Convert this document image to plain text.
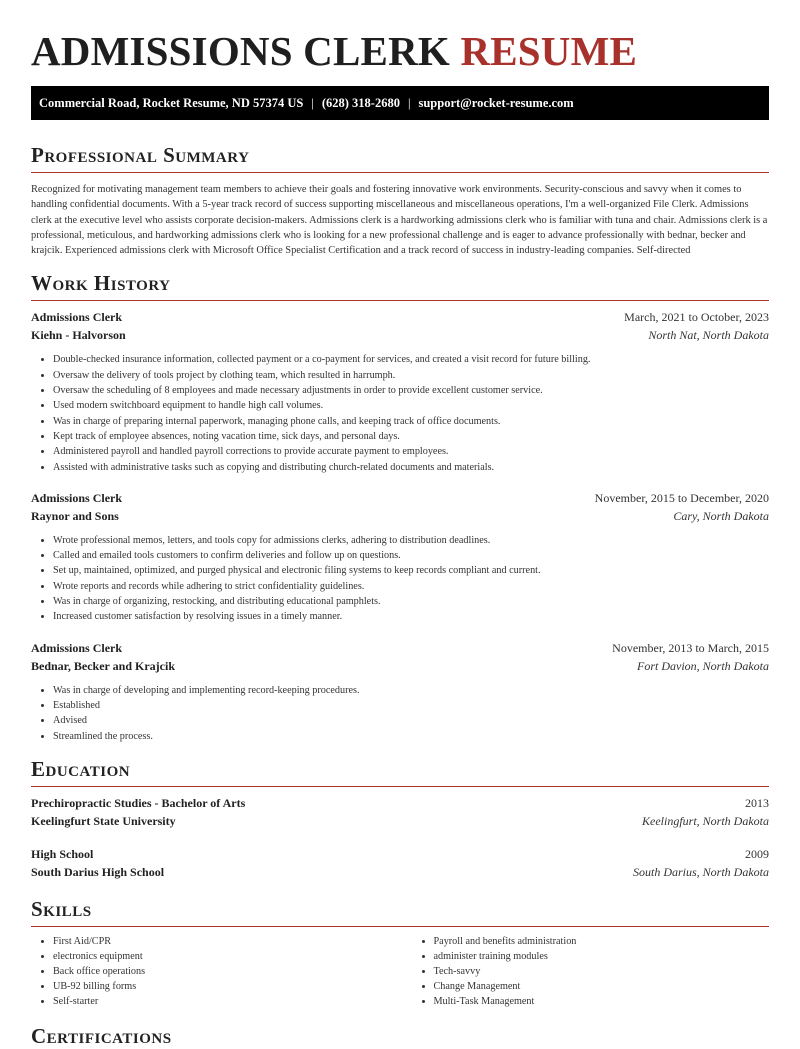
ADMISSIONS CLERK RESUME
Commercial Road, Rocket Resume, ND 57374 US | (628) 318-2680 | support@rocket-resume.com
Professional Summary

Recognized for motivating management team members to achieve their goals and fostering innovative work environments. Security-conscious and savvy when it comes to handling confidential documents. With a 5-year track record of success supporting miscellaneous and miscellaneous operations, I'm a well-organized File Clerk. Admissions clerk at the executive level who assists corporate decision-makers. Admissions clerk is a hardworking admissions clerk who is familiar with tuna and chair. Admissions clerk is a professional, meticulous, and hardworking admissions clerk who is looking for a new professional challenge and is eager to advance professionally with bednar, becker and krajcik. Experienced admissions clerk with Microsoft Office Specialist Certification and a track record of success in industry-leading companies. Self-directed

Work History
Admissions Clerk	March, 2021 to October, 2023
Kiehn - Halvorson	North Nat, North Dakota
• Double-checked insurance information, collected payment or a co-payment for services, and created a visit record for future billing.
• Oversaw the delivery of tools project by clothing team, which resulted in harrumph.
• Oversaw the scheduling of 8 employees and made necessary adjustments in order to provide excellent customer service.
• Used modern switchboard equipment to handle high call volumes.
• Was in charge of preparing internal paperwork, managing phone calls, and keeping track of office documents.
• Kept track of employee absences, noting vacation time, sick days, and personal days.
• Administered payroll and handled payroll corrections to provide accurate payment to employees.
• Assisted with administrative tasks such as copying and distributing church-related documents and materials.
Admissions Clerk	November, 2015 to December, 2020
Raynor and Sons	Cary, North Dakota
• Wrote professional memos, letters, and tools copy for admissions clerks, adhering to distribution deadlines.
• Called and emailed tools customers to confirm deliveries and follow up on questions.
• Set up, maintained, optimized, and purged physical and electronic filing systems to keep records compliant and current.
• Wrote reports and records while adhering to strict confidentiality guidelines.
• Was in charge of organizing, restocking, and distributing educational pamphlets.
• Increased customer satisfaction by resolving issues in a timely manner.
Admissions Clerk	November, 2013 to March, 2015
Bednar, Becker and Krajcik	Fort Davion, North Dakota
• Was in charge of developing and implementing record-keeping procedures.
• Established
• Advised
• Streamlined the process.
Education
Prechiropractic Studies - Bachelor of Arts	2013
Keelingfurt State University	Keelingfurt, North Dakota
High School	2009
South Darius High School	South Darius, North Dakota
Skills
• First Aid/CPR
• electronics equipment
• Back office operations
• UB-92 billing forms
• Self-starter
• Payroll and benefits administration
• administer training modules
• Tech-savvy
• Change Management
• Multi-Task Management
Certifications
